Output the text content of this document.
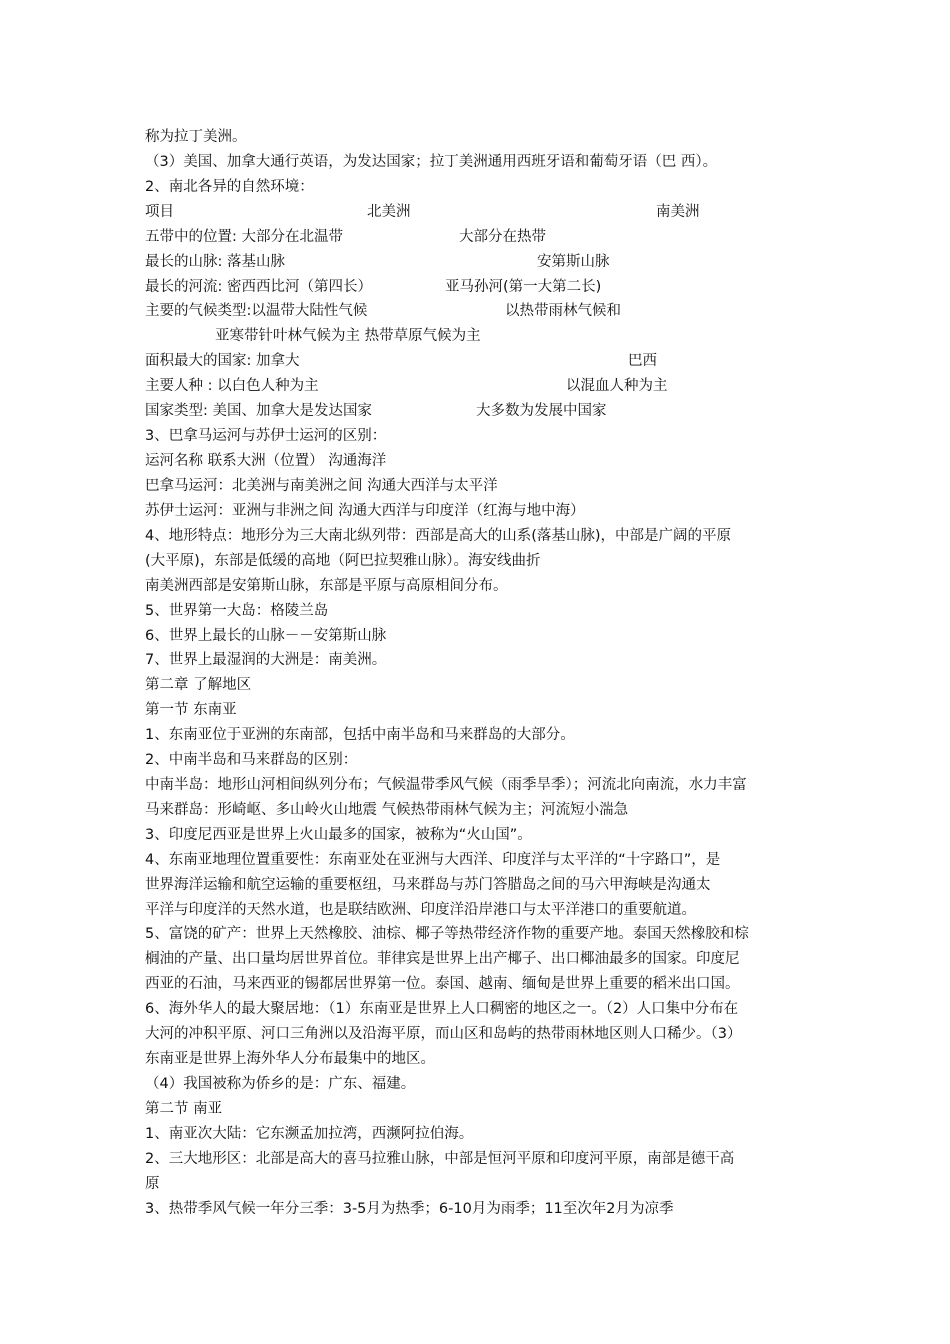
称为拉丁美洲。
（3）美国、加拿大通行英语，为发达国家；拉丁美洲通用西班牙语和葡萄牙语（巴 西）。
2、南北各异的自然环境：
项目	北美洲	南美洲
五带中的位置: 大部分在北温带	大部分在热带
最长的山脉: 落基山脉	安第斯山脉
最长的河流: 密西西比河（第四长）	亚马孙河(第一大第二长)
主要的气候类型:以温带大陆性气候	以热带雨林气候和
亚寒带针叶林气候为主 热带草原气候为主
面积最大的国家: 加拿大	巴西
主要人种 : 以白色人种为主	以混血人种为主
国家类型: 美国、加拿大是发达国家	大多数为发展中国家
3、巴拿马运河与苏伊士运河的区别：
运河名称 联系大洲（位置） 沟通海洋
巴拿马运河：北美洲与南美洲之间 沟通大西洋与太平洋
苏伊士运河：亚洲与非洲之间 沟通大西洋与印度洋（红海与地中海）
4、地形特点：地形分为三大南北纵列带：西部是高大的山系(落基山脉)，中部是广阔的平原
(大平原)，东部是低缓的高地（阿巴拉契雅山脉）。海安线曲折
南美洲西部是安第斯山脉，东部是平原与高原相间分布。
5、世界第一大岛：格陵兰岛
6、世界上最长的山脉－－安第斯山脉
7、世界上最湿润的大洲是：南美洲。
第二章 了解地区
第一节 东南亚
1、东南亚位于亚洲的东南部，包括中南半岛和马来群岛的大部分。
2、中南半岛和马来群岛的区别：
中南半岛：地形山河相间纵列分布；气候温带季风气候（雨季旱季）；河流北向南流，水力丰富
马来群岛：形崎岖、多山岭火山地震 气候热带雨林气候为主；河流短小湍急
3、印度尼西亚是世界上火山最多的国家，被称为“火山国”。
4、东南亚地理位置重要性：东南亚处在亚洲与大西洋、印度洋与太平洋的“十字路口”，是
世界海洋运输和航空运输的重要枢纽，马来群岛与苏门答腊岛之间的马六甲海峡是沟通太
平洋与印度洋的天然水道，也是联结欧洲、印度洋沿岸港口与太平洋港口的重要航道。
5、富饶的矿产：世界上天然橡胶、油棕、椰子等热带经济作物的重要产地。泰国天然橡胶和棕
榈油的产量、出口量均居世界首位。菲律宾是世界上出产椰子、出口椰油最多的国家。印度尼
西亚的石油，马来西亚的锡都居世界第一位。泰国、越南、缅甸是世界上重要的稻米出口国。
6、海外华人的最大聚居地：（1）东南亚是世界上人口稠密的地区之一。（2）人口集中分布在
大河的冲积平原、河口三角洲以及沿海平原，而山区和岛屿的热带雨林地区则人口稀少。（3）
东南亚是世界上海外华人分布最集中的地区。
（4）我国被称为侨乡的是：广东、福建。
第二节 南亚
1、南亚次大陆：它东濒孟加拉湾，西濒阿拉伯海。
2、三大地形区：北部是高大的喜马拉雅山脉，中部是恒河平原和印度河平原，南部是德干高
原
3、热带季风气候一年分三季：3-5月为热季；6-10月为雨季；11至次年2月为凉季
